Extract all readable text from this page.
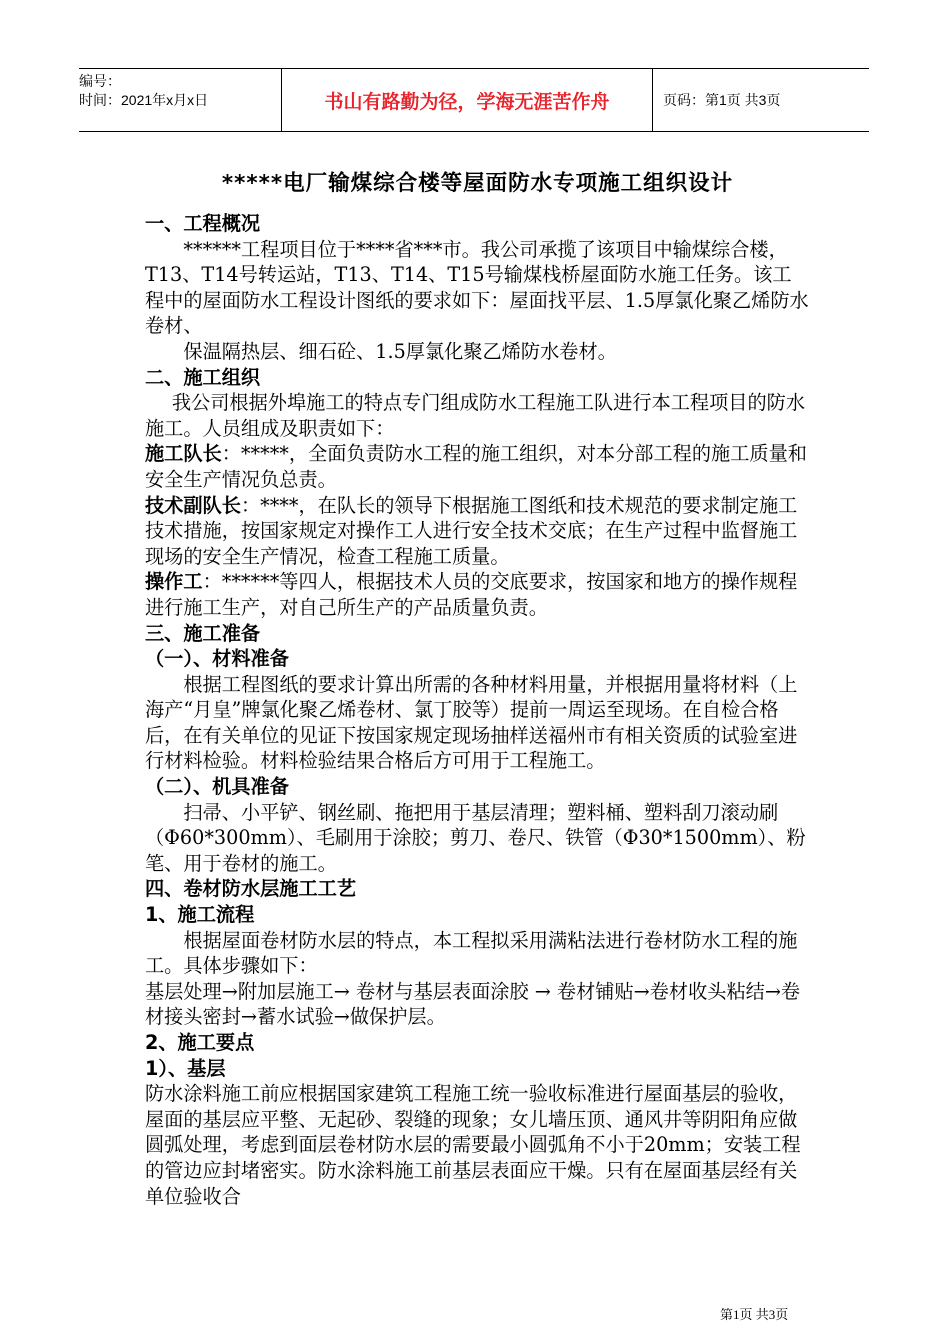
编号：
时间：2021年x月x日	书山有路勤为径，学海无涯苦作舟	页码：第1页 共3页

*****电厂输煤综合楼等屋面防水专项施工组织设计

一、工程概况

******工程项目位于****省***市。我公司承揽了该项目中输煤综合楼，T13、T14号转运站，T13、T14、T15号输煤栈桥屋面防水施工任务。该工程中的屋面防水工程设计图纸的要求如下：屋面找平层、1.5厚氯化聚乙烯防水卷材、

保温隔热层、细石砼、1.5厚氯化聚乙烯防水卷材。

二、施工组织

我公司根据外埠施工的特点专门组成防水工程施工队进行本工程项目的防水施工。人员组成及职责如下：

施工队长：*****，全面负责防水工程的施工组织，对本分部工程的施工质量和安全生产情况负总责。

技术副队长：****，在队长的领导下根据施工图纸和技术规范的要求制定施工技术措施，按国家规定对操作工人进行安全技术交底；在生产过程中监督施工现场的安全生产情况，检查工程施工质量。

操作工：******等四人，根据技术人员的交底要求，按国家和地方的操作规程进行施工生产，对自己所生产的产品质量负责。

三、施工准备

（一）、材料准备

根据工程图纸的要求计算出所需的各种材料用量，并根据用量将材料（上海产“月皇”牌氯化聚乙烯卷材、氯丁胶等）提前一周运至现场。在自检合格后，在有关单位的见证下按国家规定现场抽样送福州市有相关资质的试验室进行材料检验。材料检验结果合格后方可用于工程施工。

（二）、机具准备

扫帚、小平铲、钢丝刷、拖把用于基层清理；塑料桶、塑料刮刀滚动刷（Φ60*300mm）、毛刷用于涂胶；剪刀、卷尺、铁管（Φ30*1500mm）、粉笔、用于卷材的施工。

四、卷材防水层施工工艺

1、施工流程

根据屋面卷材防水层的特点，本工程拟采用满粘法进行卷材防水工程的施工。具体步骤如下：

基层处理→附加层施工→ 卷材与基层表面涂胶 → 卷材铺贴→卷材收头粘结→卷材接头密封→蓄水试验→做保护层。

2、施工要点

1）、基层

防水涂料施工前应根据国家建筑工程施工统一验收标准进行屋面基层的验收，屋面的基层应平整、无起砂、裂缝的现象；女儿墙压顶、通风井等阴阳角应做圆弧处理，考虑到面层卷材防水层的需要最小圆弧角不小于20mm；安装工程的管边应封堵密实。防水涂料施工前基层表面应干燥。只有在屋面基层经有关单位验收合

第1页 共3页
